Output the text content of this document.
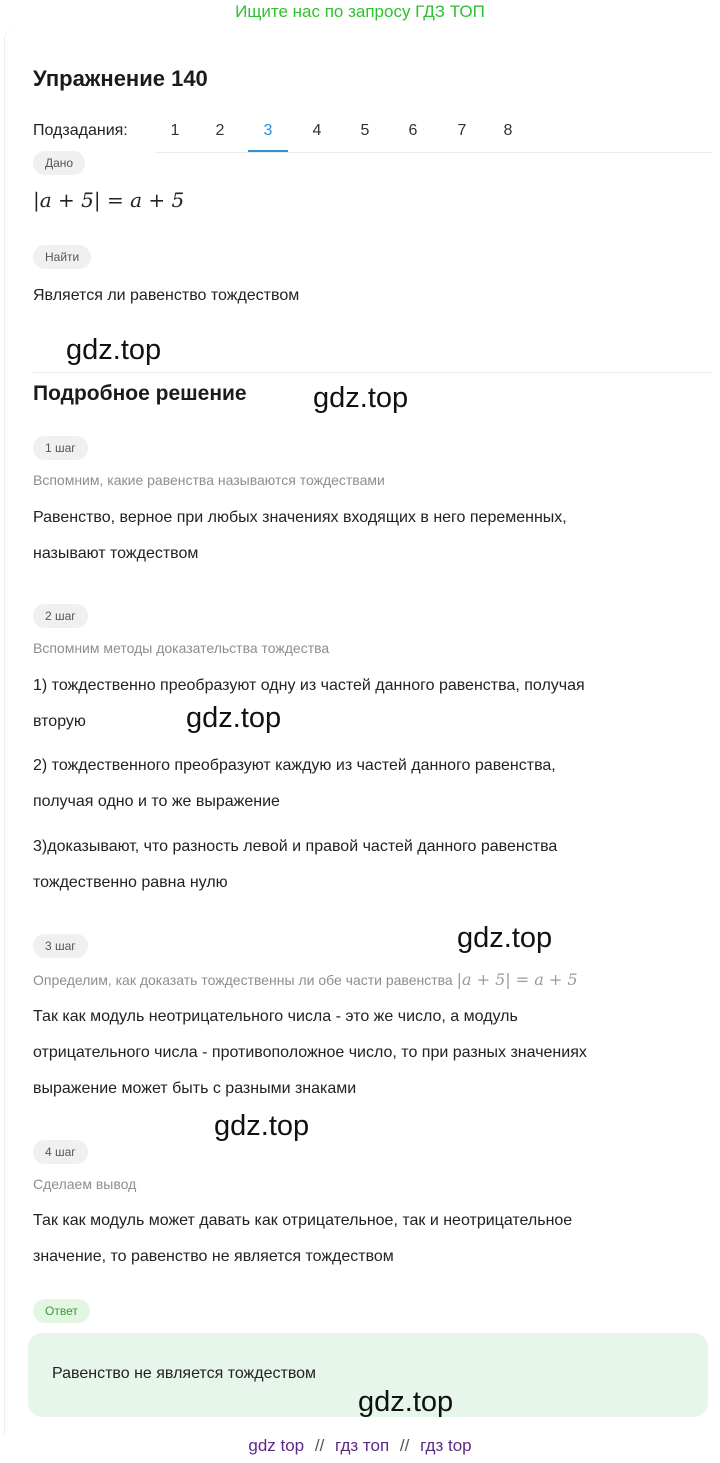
Ищите нас по запросу ГДЗ ТОП
Упражнение 140
Подзадания:	1	2	3	4	5	6	7	8
Дано
|a + 5| = a + 5
Найти
Является ли равенство тождеством
Подробное решение
1 шаг
Вспомним, какие равенства называются тождествами
Равенство, верное при любых значениях входящих в него переменных,
называют тождеством
2 шаг
Вспомним методы доказательства тождества
1) тождественно преобразуют одну из частей данного равенства, получая
вторую
2) тождественного преобразуют каждую из частей данного равенства,
получая одно и то же выражение
3)доказывают, что разность левой и правой частей данного равенства
тождественно равна нулю
3 шаг
Определим, как доказать тождественны ли обе части равенства |a + 5| = a + 5
Так как модуль неотрицательного числа - это же число, а модуль
отрицательного числа - противоположное число, то при разных значениях
выражение может быть с разными знаками
4 шаг
Сделаем вывод
Так как модуль может давать как отрицательное, так и неотрицательное
значение, то равенство не является тождеством
Ответ
Равенство не является тождеством
gdz.top
gdz.top
gdz.top
gdz.top
gdz.top
gdz.top
gdz top // гдз топ // гдз top
